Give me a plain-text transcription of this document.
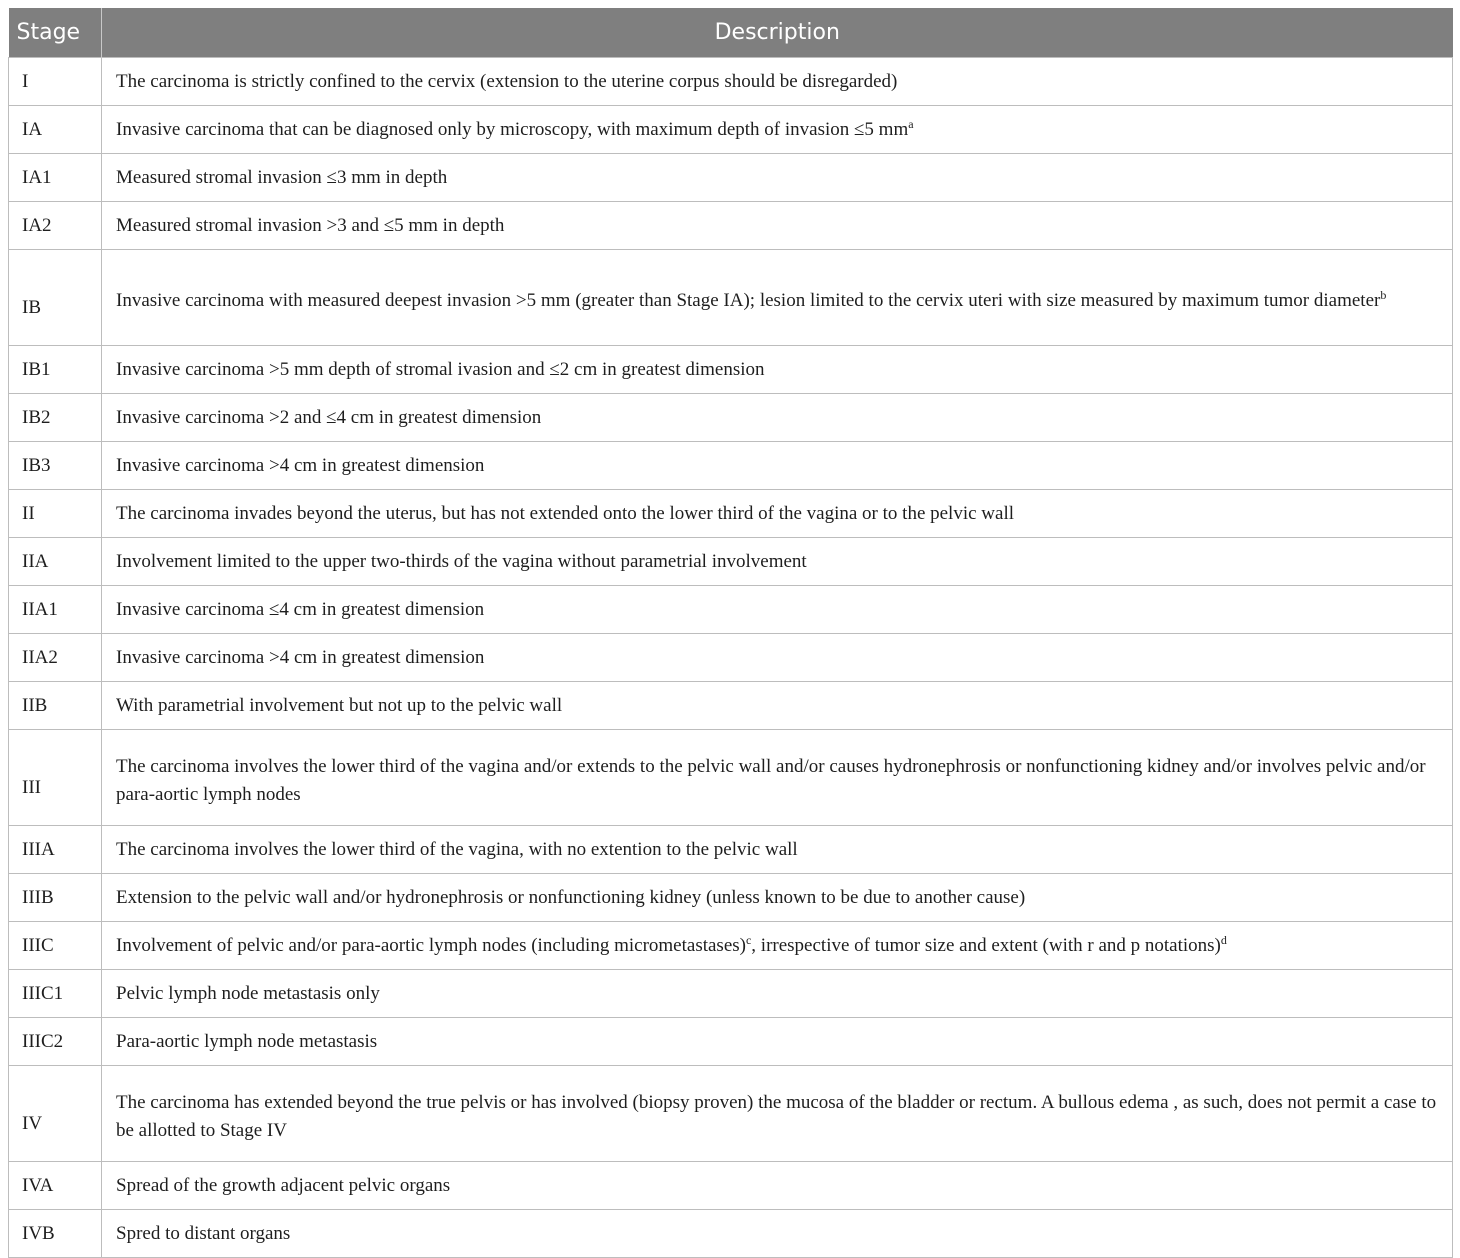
Stage	Description
I	The carcinoma is strictly confined to the cervix (extension to the uterine corpus should be disregarded)
IA	Invasive carcinoma that can be diagnosed only by microscopy, with maximum depth of invasion ≤5 $mm^a$
IA1	Measured stromal invasion ≤3 mm in depth
IA2	Measured stromal invasion >3 and ≤5 mm in depth
IB	Invasive carcinoma with measured deepest invasion >5 mm (greater than Stage IA); lesion limited to the cervix uteri with size measured by maximum tumor diameter$^b$
IB1	Invasive carcinoma >5 mm depth of stromal ivasion and ≤2 cm in greatest dimension
IB2	Invasive carcinoma >2 and ≤4 cm in greatest dimension
IB3	Invasive carcinoma >4 cm in greatest dimension
II	The carcinoma invades beyond the uterus, but has not extended onto the lower third of the vagina or to the pelvic wall
IIA	Involvement limited to the upper two-thirds of the vagina without parametrial involvement
IIA1	Invasive carcinoma ≤4 cm in greatest dimension
IIA2	Invasive carcinoma >4 cm in greatest dimension
IIB	With parametrial involvement but not up to the pelvic wall
III	The carcinoma involves the lower third of the vagina and/or extends to the pelvic wall and/or causes hydronephrosis or nonfunctioning kidney and/or involves pelvic and/or para-aortic lymph nodes
IIIA	The carcinoma involves the lower third of the vagina, with no extention to the pelvic wall
IIIB	Extension to the pelvic wall and/or hydronephrosis or nonfunctioning kidney (unless known to be due to another cause)
IIIC	Involvement of pelvic and/or para-aortic lymph nodes (including micrometastases)$^c$, irrespective of tumor size and extent (with r and p notations)$^d$
IIIC1	Pelvic lymph node metastasis only
IIIC2	Para-aortic lymph node metastasis
IV	The carcinoma has extended beyond the true pelvis or has involved (biopsy proven) the mucosa of the bladder or rectum. A bullous edema , as such, does not permit a case to be allotted to Stage IV
IVA	Spread of the growth adjacent pelvic organs
IVB	Spred to distant organs
